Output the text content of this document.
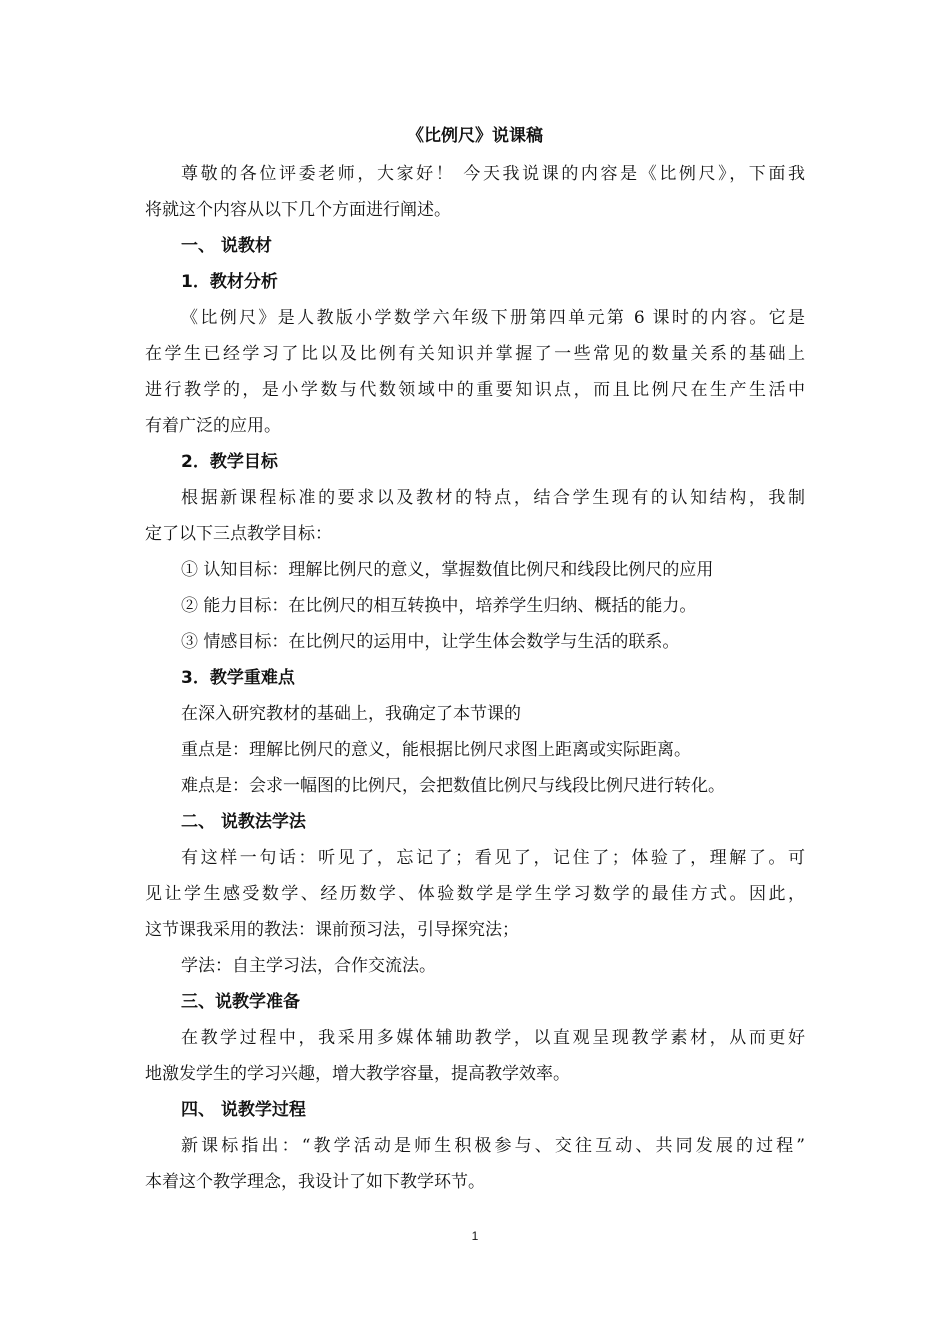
《比例尺》说课稿
尊敬的各位评委老师，大家好！ 今天我说课的内容是《比例尺》，下面我
将就这个内容从以下几个方面进行阐述。
一、 说教材
1．教材分析
《比例尺》是人教版小学数学六年级下册第四单元第 6 课时的内容。它是
在学生已经学习了比以及比例有关知识并掌握了一些常见的数量关系的基础上
进行教学的，是小学数与代数领域中的重要知识点，而且比例尺在生产生活中
有着广泛的应用。
2．教学目标
根据新课程标准的要求以及教材的特点，结合学生现有的认知结构，我制
定了以下三点教学目标：
① 认知目标：理解比例尺的意义，掌握数值比例尺和线段比例尺的应用
② 能力目标：在比例尺的相互转换中，培养学生归纳、概括的能力。
③ 情感目标：在比例尺的运用中，让学生体会数学与生活的联系。
3．教学重难点
在深入研究教材的基础上，我确定了本节课的
重点是：理解比例尺的意义，能根据比例尺求图上距离或实际距离。
难点是：会求一幅图的比例尺，会把数值比例尺与线段比例尺进行转化。
二、 说教法学法
有这样一句话：听见了，忘记了；看见了，记住了；体验了，理解了。可
见让学生感受数学、经历数学、体验数学是学生学习数学的最佳方式。因此，
这节课我采用的教法：课前预习法，引导探究法；
学法：自主学习法，合作交流法。
三、说教学准备
在教学过程中，我采用多媒体辅助教学，以直观呈现教学素材，从而更好
地激发学生的学习兴趣，增大教学容量，提高教学效率。
四、 说教学过程
新课标指出：“教学活动是师生积极参与、交往互动、共同发展的过程”
本着这个教学理念，我设计了如下教学环节。
1
